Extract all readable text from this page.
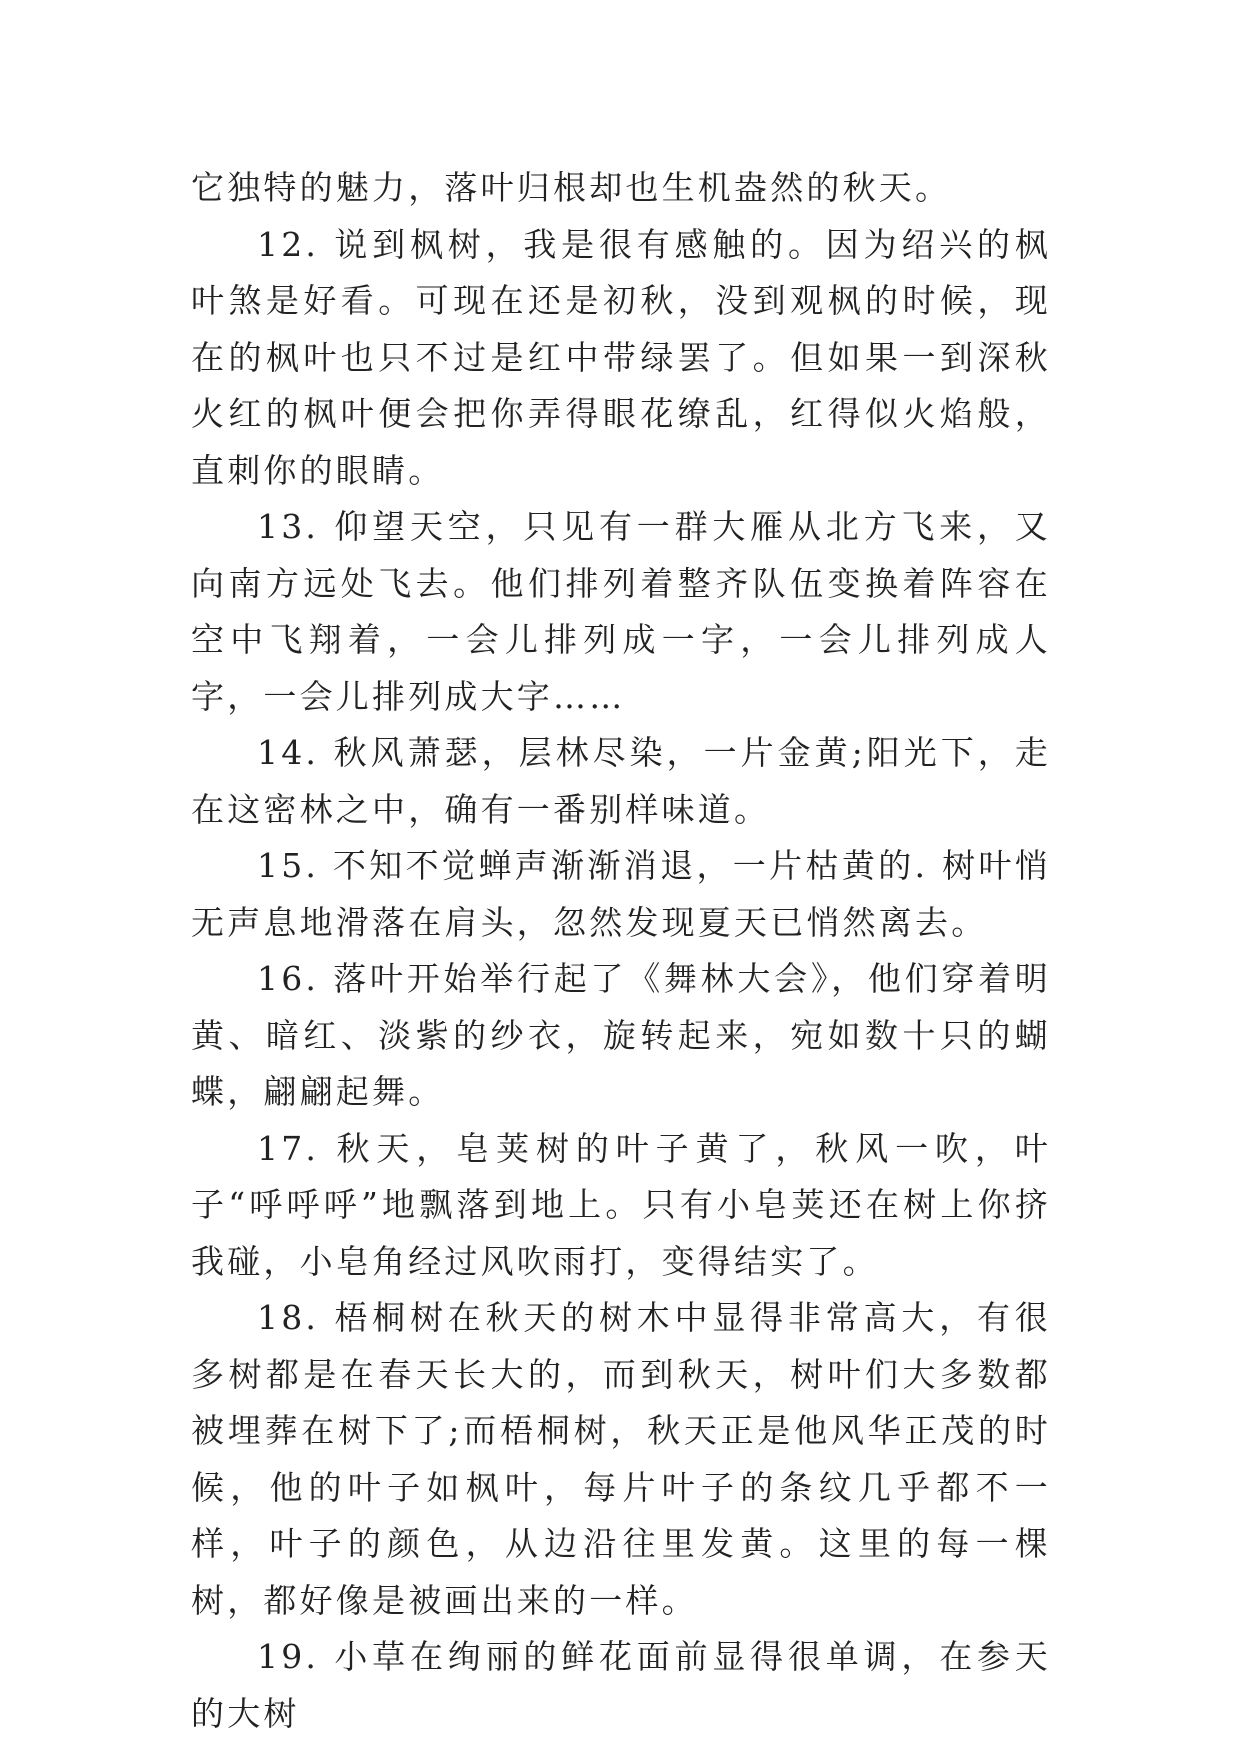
它独特的魅力，落叶归根却也生机盎然的秋天。

12. 说到枫树，我是很有感触的。因为绍兴的枫叶煞是好看。可现在还是初秋，没到观枫的时候，现在的枫叶也只不过是红中带绿罢了。但如果一到深秋火红的枫叶便会把你弄得眼花缭乱，红得似火焰般，直刺你的眼睛。

13. 仰望天空，只见有一群大雁从北方飞来，又向南方远处飞去。他们排列着整齐队伍变换着阵容在空中飞翔着，一会儿排列成一字，一会儿排列成人字，一会儿排列成大字……

14. 秋风萧瑟，层林尽染，一片金黄;阳光下，走在这密林之中，确有一番别样味道。

15. 不知不觉蝉声渐渐消退，一片枯黄的. 树叶悄无声息地滑落在肩头，忽然发现夏天已悄然离去。

16. 落叶开始举行起了《舞林大会》，他们穿着明黄、暗红、淡紫的纱衣，旋转起来，宛如数十只的蝴蝶，翩翩起舞。

17. 秋天，皂荚树的叶子黄了，秋风一吹，叶子“呼呼呼”地飘落到地上。只有小皂荚还在树上你挤我碰，小皂角经过风吹雨打，变得结实了。

18. 梧桐树在秋天的树木中显得非常高大，有很多树都是在春天长大的，而到秋天，树叶们大多数都被埋葬在树下了;而梧桐树，秋天正是他风华正茂的时候，他的叶子如枫叶，每片叶子的条纹几乎都不一样，叶子的颜色，从边沿往里发黄。这里的每一棵树，都好像是被画出来的一样。

19. 小草在绚丽的鲜花面前显得很单调，在参天的大树
